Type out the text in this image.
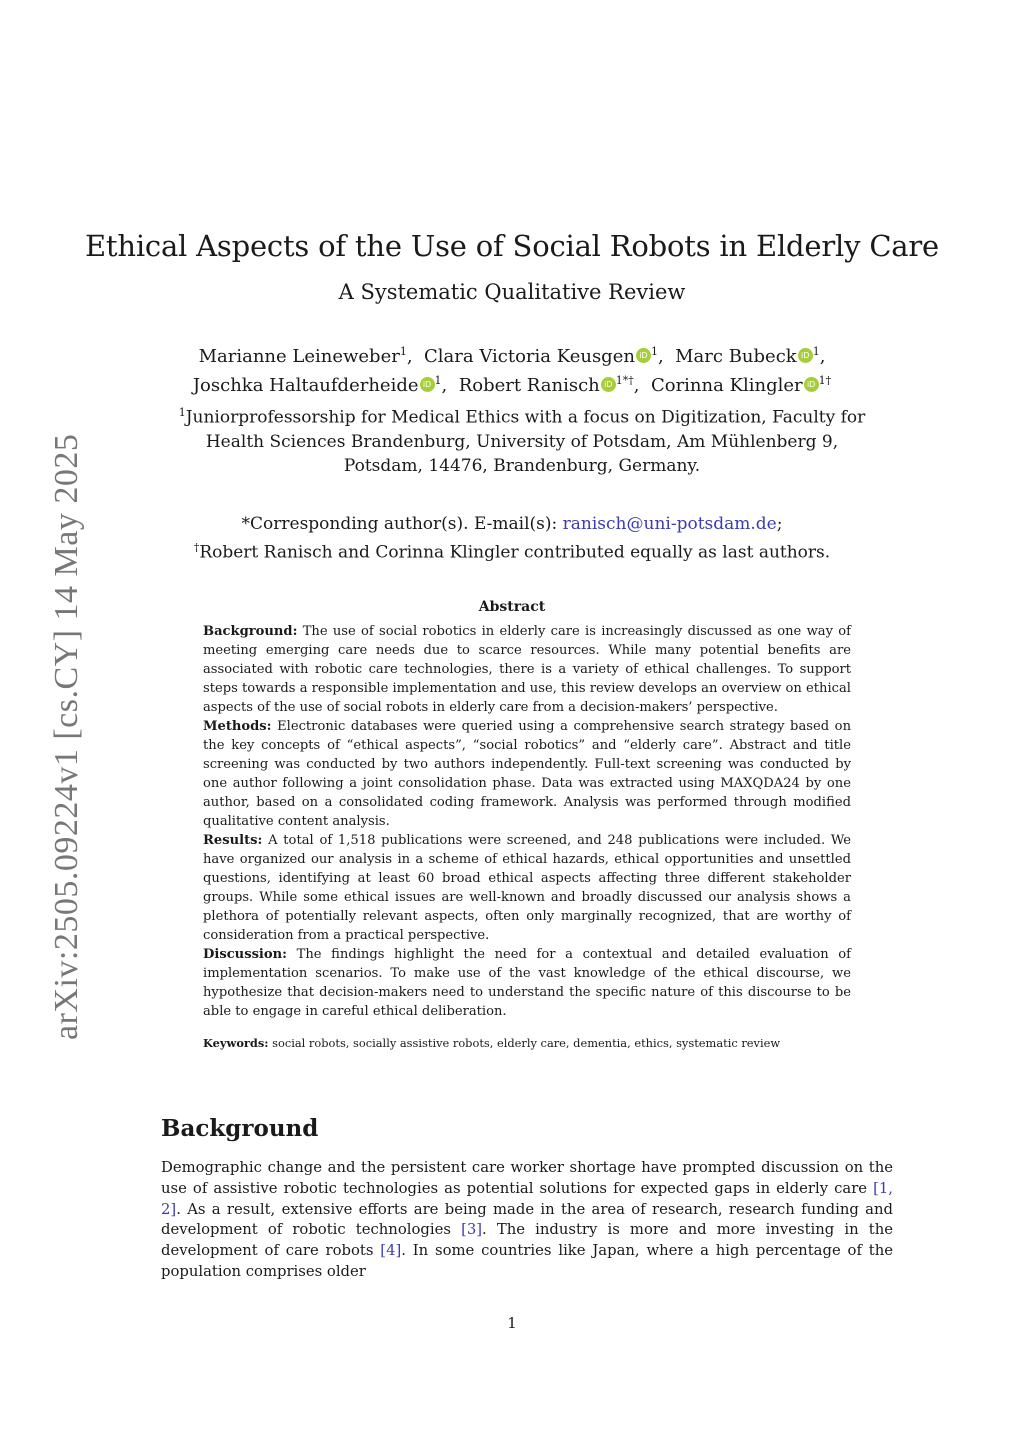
arXiv:2505.09224v1 [cs.CY] 14 May 2025
Ethical Aspects of the Use of Social Robots in Elderly Care
A Systematic Qualitative Review
Marianne Leineweber$^1$,  Clara Victoria Keusgen iD $^1$,  Marc Bubeck iD $^1$,
Joschka Haltaufderheide iD $^1$,  Robert Ranisch iD $^{1*\dagger}$,  Corinna Klingler iD $^{1\dagger}$
$^1$Juniorprofessorship for Medical Ethics with a focus on Digitization, Faculty for Health Sciences Brandenburg, University of Potsdam, Am Mühlenberg 9, Potsdam, 14476, Brandenburg, Germany.
*Corresponding author(s). E-mail(s): ranisch@uni-potsdam.de;
†Robert Ranisch and Corinna Klingler contributed equally as last authors.
Abstract

Background: The use of social robotics in elderly care is increasingly discussed as one way of meeting emerging care needs due to scarce resources. While many potential benefits are associated with robotic care technologies, there is a variety of ethical challenges. To support steps towards a responsible implementation and use, this review develops an overview on ethical aspects of the use of social robots in elderly care from a decision-makers’ perspective.

Methods: Electronic databases were queried using a comprehensive search strategy based on the key concepts of “ethical aspects”, “social robotics” and “elderly care”. Abstract and title screening was conducted by two authors independently. Full-text screening was conducted by one author following a joint consolidation phase. Data was extracted using MAXQDA24 by one author, based on a consolidated coding framework. Analysis was performed through modified qualitative content analysis.

Results: A total of 1,518 publications were screened, and 248 publications were included. We have organized our analysis in a scheme of ethical hazards, ethical opportunities and unsettled questions, identifying at least 60 broad ethical aspects affecting three different stakeholder groups. While some ethical issues are well-known and broadly discussed our analysis shows a plethora of potentially relevant aspects, often only marginally recognized, that are worthy of consideration from a practical perspective.

Discussion: The findings highlight the need for a contextual and detailed evaluation of implementation scenarios. To make use of the vast knowledge of the ethical discourse, we hypothesize that decision-makers need to understand the specific nature of this discourse to be able to engage in careful ethical deliberation.

Keywords: social robots, socially assistive robots, elderly care, dementia, ethics, systematic review
Background

Demographic change and the persistent care worker shortage have prompted discussion on the use of assistive robotic technologies as potential solutions for expected gaps in elderly care [1, 2]. As a result, extensive efforts are being made in the area of research, research funding and development of robotic technologies [3]. The industry is more and more investing in the development of care robots [4]. In some countries like Japan, where a high percentage of the population comprises older

1
